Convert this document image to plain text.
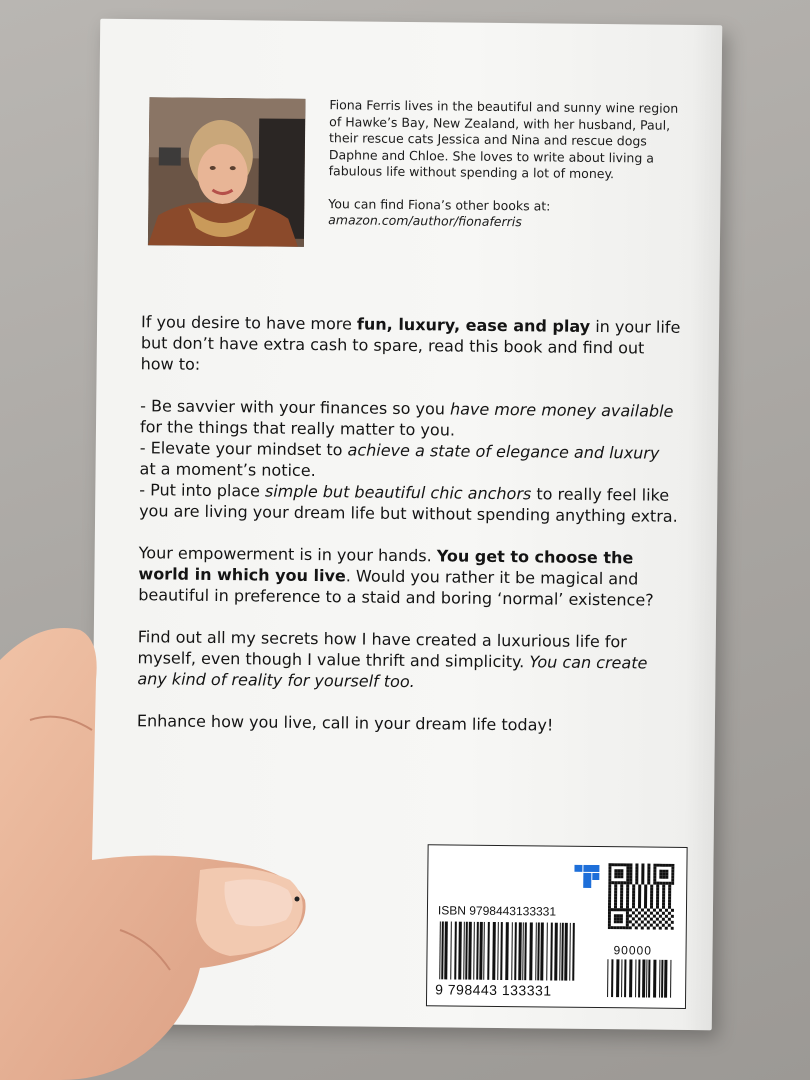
Fiona Ferris lives in the beautiful and sunny wine region of Hawke’s Bay, New Zealand, with her husband, Paul, their rescue cats Jessica and Nina and rescue dogs Daphne and Chloe. She loves to write about living a fabulous life without spending a lot of money.

You can find Fiona’s other books at:
amazon.com/author/fionaferris

If you desire to have more fun, luxury, ease and play in your life but don’t have extra cash to spare, read this book and find out how to:

- Be savvier with your finances so you have more money available for the things that really matter to you.
- Elevate your mindset to achieve a state of elegance and luxury at a moment’s notice.
- Put into place simple but beautiful chic anchors to really feel like you are living your dream life but without spending anything extra.

Your empowerment is in your hands. You get to choose the world in which you live. Would you rather it be magical and beautiful in preference to a staid and boring ‘normal’ existence?

Find out all my secrets how I have created a luxurious life for myself, even though I value thrift and simplicity. You can create any kind of reality for yourself too.

Enhance how you live, call in your dream life today!

ISBN 9798443133331
9 798443 133331
90000
